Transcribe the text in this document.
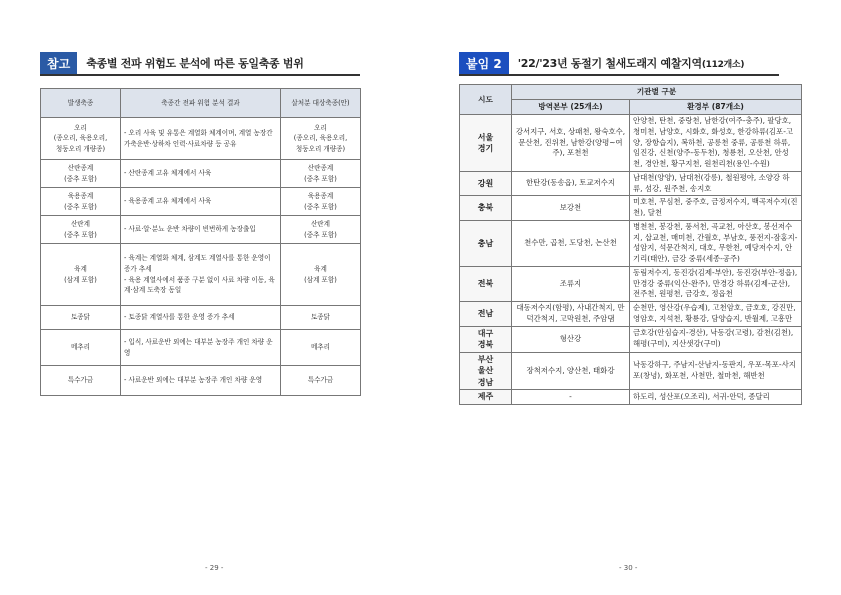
참고	축종별 전파 위험도 분석에 따른 동일축종 범위
발생축종	축종간 전파 위험 분석 결과	살처분 대상축종(안)
오리
(종오리, 육용오리,
청둥오리 개량종)	- 오리 사육 및 유통은 계열화 체계이며, 계열 농장간 가축운반·상하차 인력·사료차량 등 공유	오리
(종오리, 육용오리,
청둥오리 개량종)
산란종계
(중추 포함)	- 산란종계 고유 체계에서 사육	산란종계
(중추 포함)
육용종계
(중추 포함)	- 육용종계 고유 체계에서 사육	육용종계
(중추 포함)
산란계
(중추 포함)	- 사료·알·분뇨 운반 차량이 빈번하게 농장출입	산란계
(중추 포함)
육계
(삼계 포함)	- 육계는 계열화 체계, 삼계도 계열사를 통한 운영이 증가 추세
- 육용 계열사에서 품종 구분 없이 사료 차량 이동, 육계·삼계 도축장 동일	육계
(삼계 포함)
토종닭	- 토종닭 계열사를 통한 운영 증가 추세	토종닭
메추리	- 입식, 사료운반 외에는 대부분 농장주 개인 차량 운영	메추리
특수가금	- 사료운반 외에는 대부분 농장주 개인 차량 운영	특수가금
- 29 -
붙임 2	'22/'23년 동절기 철새도래지 예찰지역(112개소)
시도	기관별 구분	
	방역본부 (25개소)	환경부 (87개소)
서울
경기	강서지구, 서호, 상패천, 왕숙호수, 문산천, 진위천, 남한강(양평~여주), 포천천	안양천, 탄천, 중랑천, 남한강(여주-충주), 팔당호, 청미천, 남양호, 시화호, 화성호, 한강하류(김포-고양, 장항습지), 복하천, 공릉천 중류, 공릉천 하류, 임진강, 신천(양주-동두천), 청룡천, 오산천, 안성천, 경안천, 황구지천, 원천리천(용인-수원)
강원	한탄강(동송읍), 토교저수지	남대천(양양), 남대천(강릉), 철원평야, 소양강 하류, 섬강, 원주천, 송지호
충북	보강천	미호천, 무심천, 중주호, 금정저수지, 백곡저수지(진천), 달천
충남	천수만, 곱천, 도당천, 논산천	병천천, 봉강천, 풍서천, 곡교천, 아산호, 봉선저수지, 삽교천, 매미천, 간월호, 부남호, 풍전지-잠홍지-성암지, 석문간척지, 대호, 무한천, 예당저수지, 안기리(태안), 금강 중류(세종-공주)
전북	조류지	동림저수지, 동진강(김제-부안), 동진강(부안-정읍), 만경강 중류(익산-완주), 만경강 하류(김제-군산), 전주천, 원평천, 금강호, 정읍천
전남	대동저수지(함평), 사내간척지, 만덕간척지, 고막원천, 주암댐	순천만, 영산강(우습제), 고천암호, 금호호, 강진만, 영암호, 지석천, 황룡강, 담양습지, 반월제, 고흥만
대구
경북	형산강	금호강(안심습지-경산), 낙동강(고령), 감천(김천), 해평(구미), 지산샛강(구미)
부산
울산
경남	장척저수지, 양산천, 태화강	낙동강하구, 주남지-산남지-동판지, 우포-목포-사지포(창녕), 화포천, 사천만, 철마천, 해반천
제주	-	하도리, 성산포(오조리), 서귀-안덕, 종달리
- 30 -
